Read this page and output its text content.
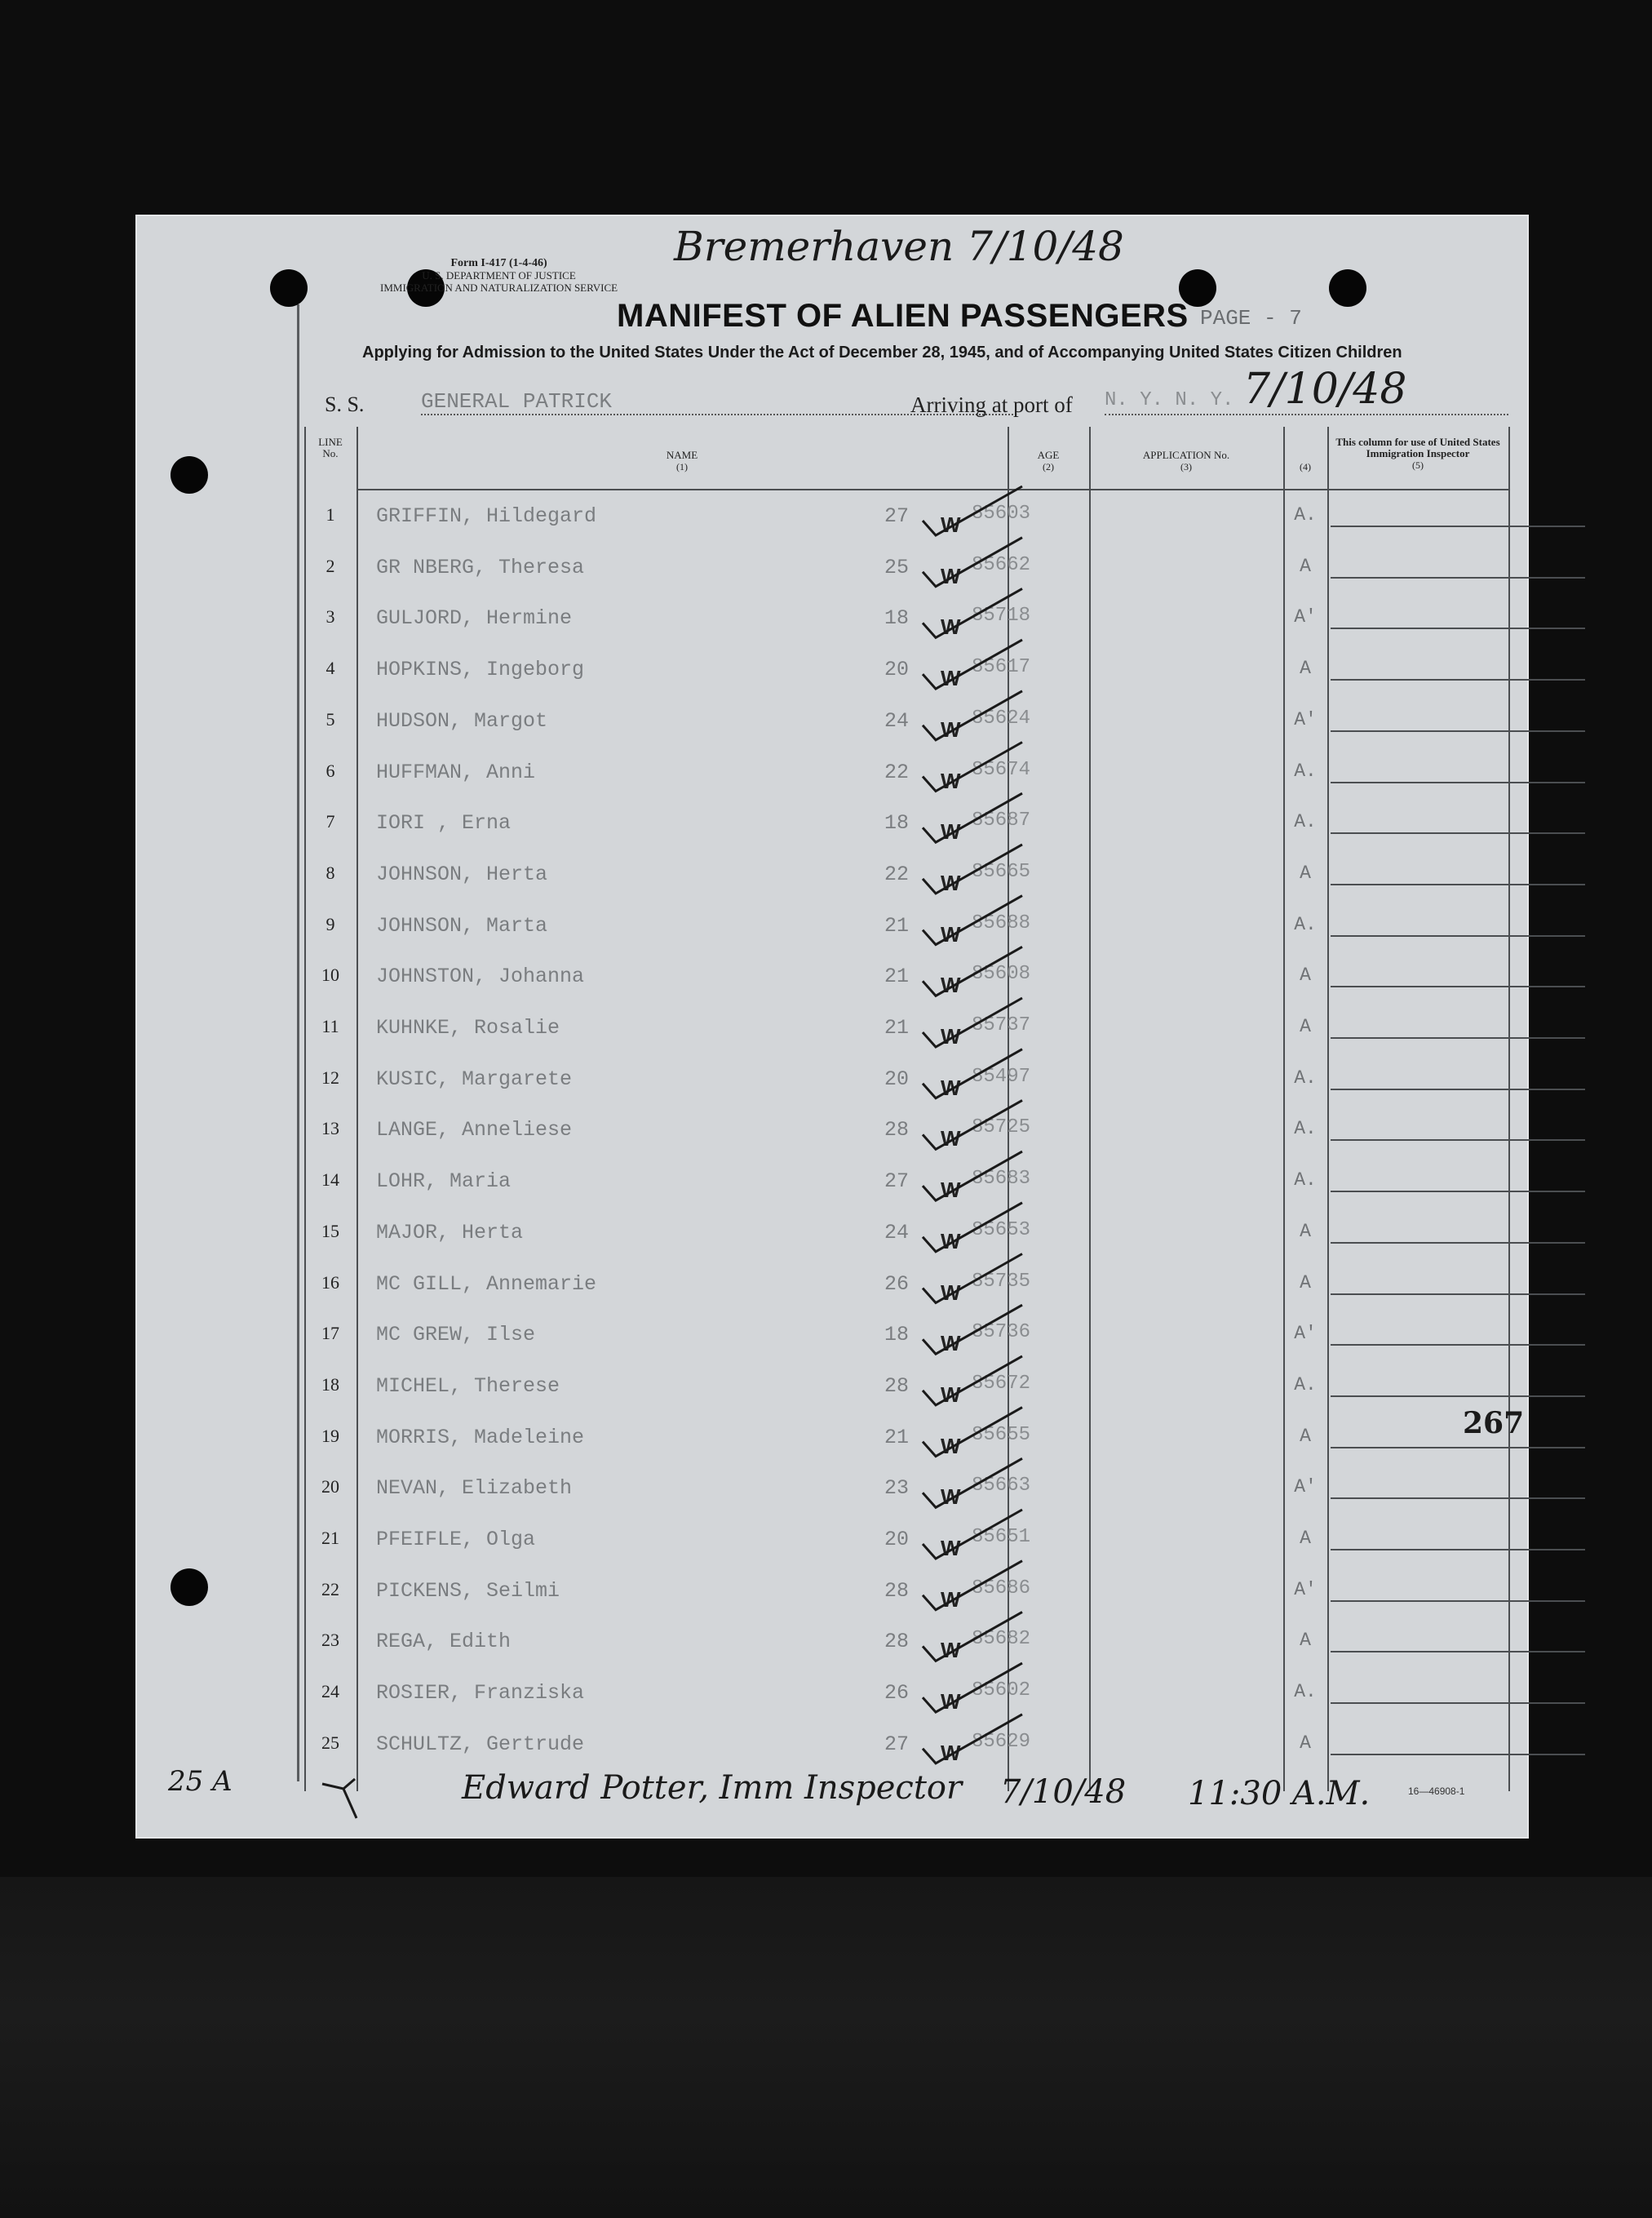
Form I-417 (1-4-46)
U. S. DEPARTMENT OF JUSTICE
IMMIGRATION AND NATURALIZATION SERVICE
Bremerhaven 7/10/48
MANIFEST OF ALIEN PASSENGERS PAGE - 7
Applying for Admission to the United States Under the Act of December 28, 1945, and of Accompanying United States Citizen Children
S. S.	GENERAL PATRICK	Arriving at port of N. Y. N. Y. 7/10/48
LINE
No.	NAME
(1)
AGE
(2)
APPLICATION No.
(3)	(4)
This column for use of United States
Immigration Inspector
(5)
1	GRIFFIN, Hildegard	27	W 85603	A.
2	GR NBERG, Theresa	25	W 85662	A
3	GULJORD, Hermine	18	W 85718	A'
4	HOPKINS, Ingeborg	20	W 85617	A
5	HUDSON, Margot	24	W 85624	A'
6	HUFFMAN, Anni	22	W 85674	A.
7	IORI , Erna	18	W 85687	A.
8	JOHNSON, Herta	22	W 85665	A
9	JOHNSON, Marta	21	W 85688	A.
10	JOHNSTON, Johanna	21	W 85608	A
11	KUHNKE, Rosalie	21	W 85737	A
12	KUSIC, Margarete	20	W 85497	A.
13	LANGE, Anneliese	28	W 85725	A.
14	LOHR, Maria	27	W 85683	A.
15	MAJOR, Herta	24	W 85653	A
16	MC GILL, Annemarie	26	W 85735	A
17	MC GREW, Ilse	18	W 85736	A'
18	MICHEL, Therese	28	W 85672	A.
19	MORRIS, Madeleine	21	W 85655	A
20	NEVAN, Elizabeth	23	W 85663	A'
21	PFEIFLE, Olga	20	W 85651	A
22	PICKENS, Seilmi	28	W 85686	A'
23	REGA, Edith	28	W 85682	A
24	ROSIER, Franziska	26	W 85602	A.
25	SCHULTZ, Gertrude	27	W 85629	A
267
25 A	Edward Potter, Imm Inspector 7/10/48 11:30 A.M.	16—46908-1
